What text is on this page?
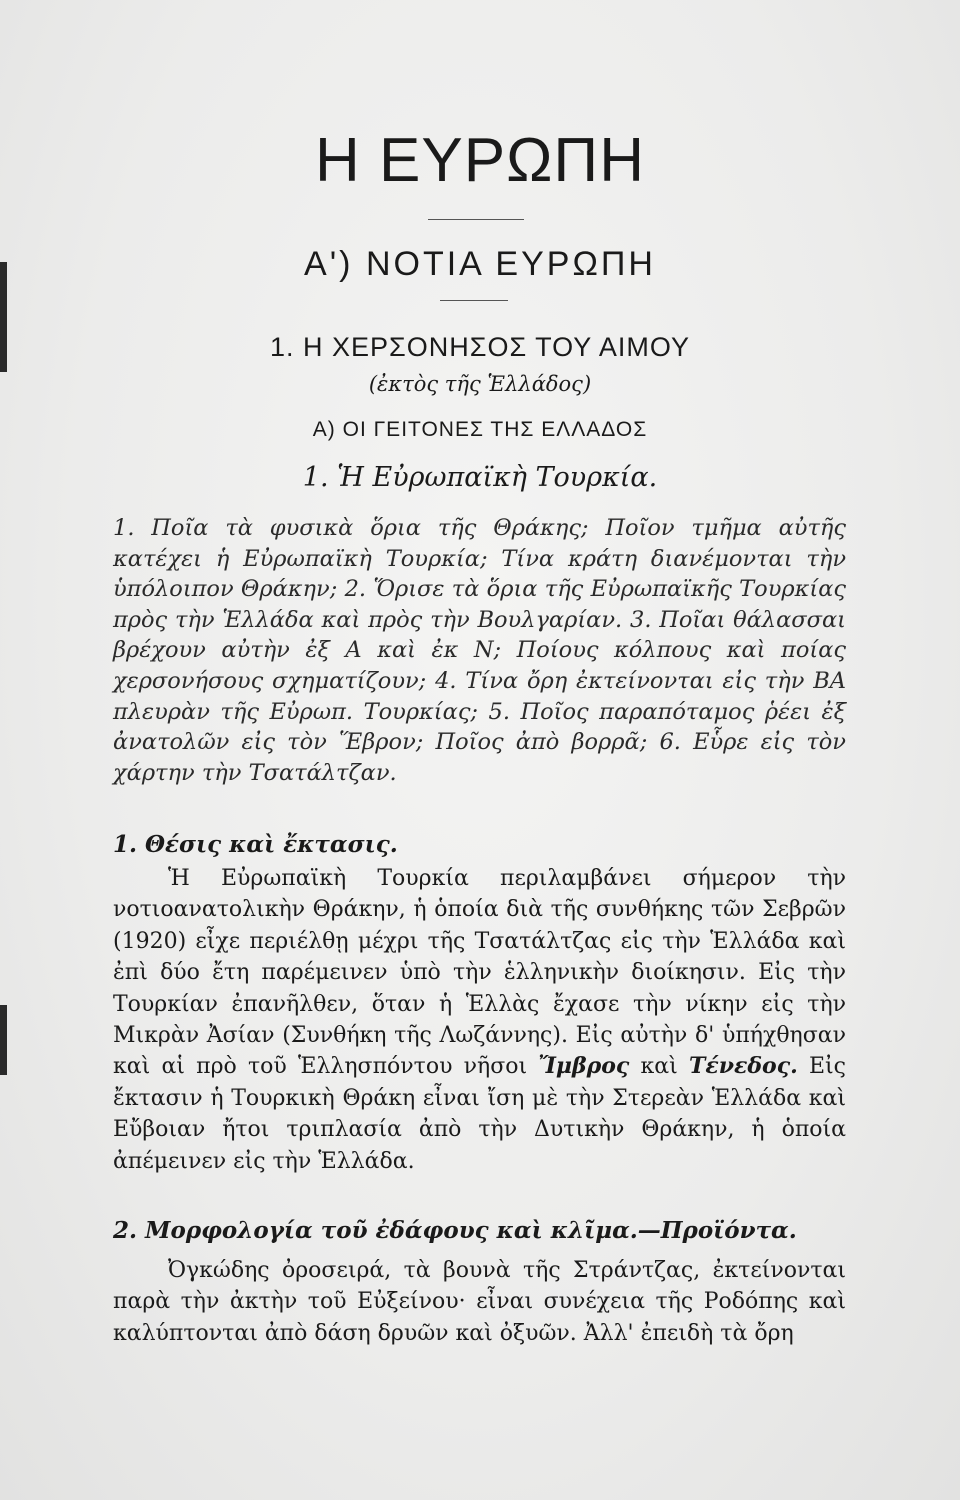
Η ΕΥΡΩΠΗ
Α') ΝΟΤΙΑ ΕΥΡΩΠΗ
1. Η ΧΕΡΣΟΝΗΣΟΣ ΤΟΥ ΑΙΜΟΥ
(ἐκτὸς τῆς Ἑλλάδος)
Α) ΟΙ ΓΕΙΤΟΝΕΣ ΤΗΣ ΕΛΛΑΔΟΣ
1. Ἡ Εὐρωπαϊκὴ Τουρκία.

1. Ποῖα τὰ φυσικὰ ὅρια τῆς Θράκης; Ποῖον τμῆμα αὐτῆς κατέχει ἡ Εὐρωπαϊκὴ Τουρκία; Τίνα κράτη διανέμονται τὴν ὑπόλοιπον Θράκην; 2. Ὅρισε τὰ ὅρια τῆς Εὐρωπαϊκῆς Τουρκίας πρὸς τὴν Ἑλλάδα καὶ πρὸς τὴν Βουλγαρίαν. 3. Ποῖαι θάλασσαι βρέχουν αὐτὴν ἐξ Α καὶ ἐκ Ν; Ποίους κόλπους καὶ ποίας χερσονήσους σχηματίζουν; 4. Τίνα ὄρη ἐκτείνονται εἰς τὴν ΒΑ πλευρὰν τῆς Εὐρωπ. Τουρκίας; 5. Ποῖος παραπόταμος ῥέει ἐξ ἀνατολῶν εἰς τὸν Ἕβρον; Ποῖος ἀπὸ βορρᾶ; 6. Εὗρε εἰς τὸν χάρτην τὴν Τσατάλτζαν.

1. Θέσις καὶ ἔκτασις.

Ἡ Εὐρωπαϊκὴ Τουρκία περιλαμβάνει σήμερον τὴν νοτιοανατολικὴν Θράκην, ἡ ὁποία διὰ τῆς συνθήκης τῶν Σεβρῶν (1920) εἶχε περιέλθῃ μέχρι τῆς Τσατάλτζας εἰς τὴν Ἑλλάδα καὶ ἐπὶ δύο ἔτη παρέμεινεν ὑπὸ τὴν ἑλληνικὴν διοίκησιν. Εἰς τὴν Τουρκίαν ἐπανῆλθεν, ὅταν ἡ Ἑλλὰς ἔχασε τὴν νίκην εἰς τὴν Μικρὰν Ἀσίαν (Συνθήκη τῆς Λωζάννης). Εἰς αὐτὴν δ' ὑπήχθησαν καὶ αἱ πρὸ τοῦ Ἑλλησπόντου νῆσοι Ἴμβρος καὶ Τένεδος. Εἰς ἔκτασιν ἡ Τουρκικὴ Θράκη εἶναι ἴση μὲ τὴν Στερεὰν Ἑλλάδα καὶ Εὔβοιαν ἤτοι τριπλασία ἀπὸ τὴν Δυτικὴν Θράκην, ἡ ὁποία ἀπέμεινεν εἰς τὴν Ἑλλάδα.

2. Μορφολογία τοῦ ἐδάφους καὶ κλῖμα.—Προϊόντα.

Ὀγκώδης ὀροσειρά, τὰ βουνὰ τῆς Στράντζας, ἐκτείνονται παρὰ τὴν ἀκτὴν τοῦ Εὐξείνου· εἶναι συνέχεια τῆς Ροδόπης καὶ καλύπτονται ἀπὸ δάση δρυῶν καὶ ὀξυῶν. Ἀλλ' ἐπειδὴ τὰ ὄρη
